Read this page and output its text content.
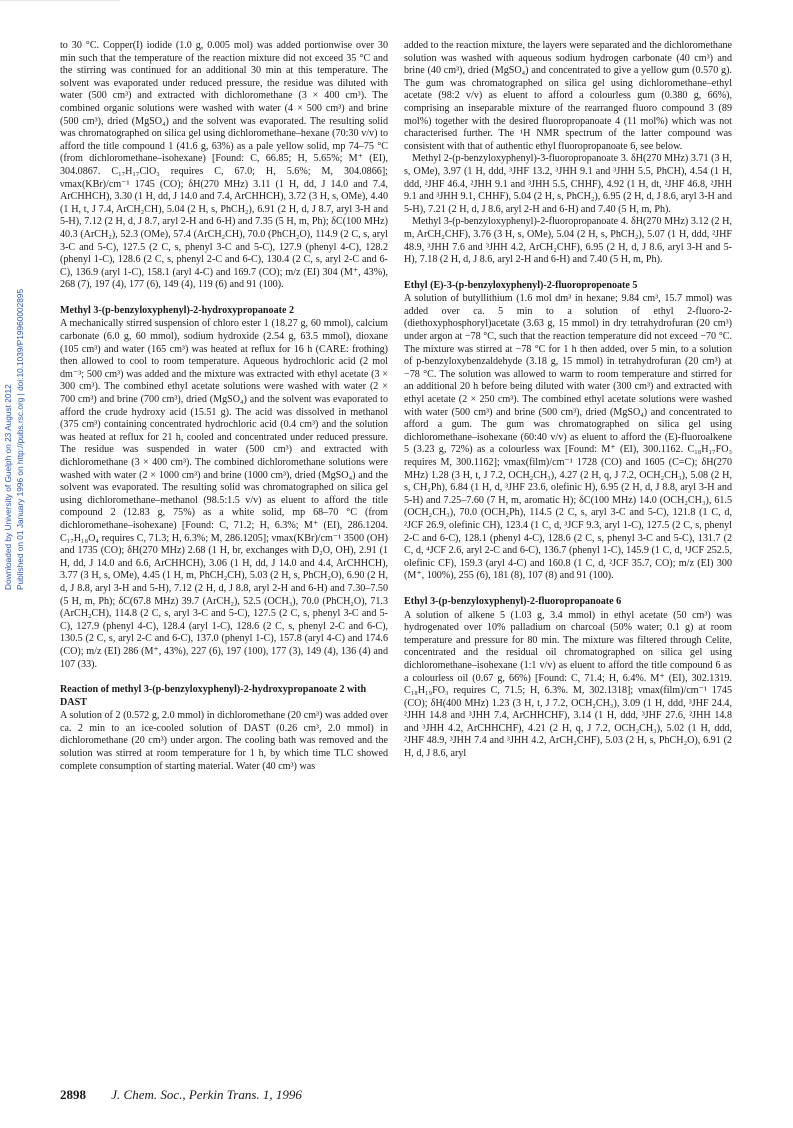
Downloaded by University of Guelph on 23 August 2012 Published on 01 January 1996 on http://pubs.rsc.org | doi:10.1039/P19960002895

to 30 °C. Copper(I) iodide (1.0 g, 0.005 mol) was added portionwise over 30 min such that the temperature of the reaction mixture did not exceed 35 °C and the stirring was continued for an additional 30 min at this temperature. The solvent was evaporated under reduced pressure, the residue was diluted with water (500 cm³) and extracted with dichloromethane (3 × 400 cm³). The combined organic solutions were washed with water (4 × 500 cm³) and brine (500 cm³), dried (MgSO₄) and the solvent was evaporated. The resulting solid was chromatographed on silica gel using dichloromethane–hexane (70:30 v/v) to afford the title compound 1 (41.6 g, 63%) as a pale yellow solid, mp 74–75 °C (from dichloromethane–isohexane) [Found: C, 66.85; H, 5.65%; M⁺ (EI), 304.0867. C₁₇H₁₇ClO₃ requires C, 67.0; H, 5.6%; M, 304.0866]; νmax(KBr)/cm⁻¹ 1745 (CO); δH(270 MHz) 3.11 (1 H, dd, J 14.0 and 7.4, ArCHHCH), 3.30 (1 H, dd, J 14.0 and 7.4, ArCHHCH), 3.72 (3 H, s, OMe), 4.40 (1 H, t, J 7.4, ArCH₂CH), 5.04 (2 H, s, PhCH₂), 6.91 (2 H, d, J 8.7, aryl 3-H and 5-H), 7.12 (2 H, d, J 8.7, aryl 2-H and 6-H) and 7.35 (5 H, m, Ph); δC(100 MHz) 40.3 (ArCH₂), 52.3 (OMe), 57.4 (ArCH₂CH), 70.0 (PhCH₂O), 114.9 (2 C, s, aryl 3-C and 5-C), 127.5 (2 C, s, phenyl 3-C and 5-C), 127.9 (phenyl 4-C), 128.2 (phenyl 1-C), 128.6 (2 C, s, phenyl 2-C and 6-C), 130.4 (2 C, s, aryl 2-C and 6-C), 136.9 (aryl 1-C), 158.1 (aryl 4-C) and 169.7 (CO); m/z (EI) 304 (M⁺, 43%), 268 (7), 197 (4), 177 (6), 149 (4), 119 (6) and 91 (100).

Methyl 3-(p-benzyloxyphenyl)-2-hydroxypropanoate 2

A mechanically stirred suspension of chloro ester 1 (18.27 g, 60 mmol), calcium carbonate (6.0 g, 60 mmol), sodium hydroxide (2.54 g, 63.5 mmol), dioxane (105 cm³) and water (165 cm³) was heated at reflux for 16 h (CARE: frothing) then allowed to cool to room temperature. Aqueous hydrochloric acid (2 mol dm⁻³; 500 cm³) was added and the mixture was extracted with ethyl acetate (3 × 300 cm³). The combined ethyl acetate solutions were washed with water (2 × 700 cm³) and brine (700 cm³), dried (MgSO₄) and the solvent was evaporated to afford the crude hydroxy acid (15.51 g). The acid was dissolved in methanol (375 cm³) containing concentrated hydrochloric acid (0.4 cm³) and the solution was heated at reflux for 21 h, cooled and concentrated under reduced pressure. The residue was suspended in water (500 cm³) and extracted with dichloromethane (3 × 400 cm³). The combined dichloromethane solutions were washed with water (2 × 1000 cm³) and brine (1000 cm³), dried (MgSO₄) and the solvent was evaporated. The resulting solid was chromatographed on silica gel using dichloromethane–methanol (98.5:1.5 v/v) as eluent to afford the title compound 2 (12.83 g, 75%) as a white solid, mp 68–70 °C (from dichloromethane–isohexane) [Found: C, 71.2; H, 6.3%; M⁺ (EI), 286.1204. C₁₇H₁₈O₄ requires C, 71.3; H, 6.3%; M, 286.1205]; νmax(KBr)/cm⁻¹ 3500 (OH) and 1735 (CO); δH(270 MHz) 2.68 (1 H, br, exchanges with D₂O, OH), 2.91 (1 H, dd, J 14.0 and 6.6, ArCHHCH), 3.06 (1 H, dd, J 14.0 and 4.4, ArCHHCH), 3.77 (3 H, s, OMe), 4.45 (1 H, m, PhCH₂CH), 5.03 (2 H, s, PhCH₂O), 6.90 (2 H, d, J 8.8, aryl 3-H and 5-H), 7.12 (2 H, d, J 8.8, aryl 2-H and 6-H) and 7.30–7.50 (5 H, m, Ph); δC(67.8 MHz) 39.7 (ArCH₂), 52.5 (OCH₃), 70.0 (PhCH₂O), 71.3 (ArCH₂CH), 114.8 (2 C, s, aryl 3-C and 5-C), 127.5 (2 C, s, phenyl 3-C and 5-C), 127.9 (phenyl 4-C), 128.4 (aryl 1-C), 128.6 (2 C, s, phenyl 2-C and 6-C), 130.5 (2 C, s, aryl 2-C and 6-C), 137.0 (phenyl 1-C), 157.8 (aryl 4-C) and 174.6 (CO); m/z (EI) 286 (M⁺, 43%), 227 (6), 197 (100), 177 (3), 149 (4), 136 (4) and 107 (33).

Reaction of methyl 3-(p-benzyloxyphenyl)-2-hydroxypropanoate 2 with DAST

A solution of 2 (0.572 g, 2.0 mmol) in dichloromethane (20 cm³) was added over ca. 2 min to an ice-cooled solution of DAST (0.26 cm³, 2.0 mmol) in dichloromethane (20 cm³) under argon. The cooling bath was removed and the solution was stirred at room temperature for 1 h, by which time TLC showed complete consumption of starting material. Water (40 cm³) was

added to the reaction mixture, the layers were separated and the dichloromethane solution was washed with aqueous sodium hydrogen carbonate (40 cm³) and brine (40 cm³), dried (MgSO₄) and concentrated to give a yellow gum (0.570 g). The gum was chromatographed on silica gel using dichloromethane–ethyl acetate (98:2 v/v) as eluent to afford a colourless gum (0.380 g, 66%), comprising an inseparable mixture of the rearranged fluoro compound 3 (89 mol%) together with the desired fluoropropanoate 4 (11 mol%) which was not characterised further. The ¹H NMR spectrum of the latter compound was consistent with that of authentic ethyl fluoropropanoate 6, see below.

Methyl 2-(p-benzyloxyphenyl)-3-fluoropropanoate 3. δH(270 MHz) 3.71 (3 H, s, OMe), 3.97 (1 H, ddd, ³JHF 13.2, ³JHH 9.1 and ³JHH 5.5, PhCH), 4.54 (1 H, ddd, ²JHF 46.4, ²JHH 9.1 and ³JHH 5.5, CHHF), 4.92 (1 H, dt, ²JHF 46.8, ²JHH 9.1 and ³JHH 9.1, CHHF), 5.04 (2 H, s, PhCH₂), 6.95 (2 H, d, J 8.6, aryl 3-H and 5-H), 7.21 (2 H, d, J 8.6, aryl 2-H and 6-H) and 7.40 (5 H, m, Ph).

Methyl 3-(p-benzyloxyphenyl)-2-fluoropropanoate 4. δH(270 MHz) 3.12 (2 H, m, ArCH₂CHF), 3.76 (3 H, s, OMe), 5.04 (2 H, s, PhCH₂), 5.07 (1 H, ddd, ²JHF 48.9, ³JHH 7.6 and ³JHH 4.2, ArCH₂CHF), 6.95 (2 H, d, J 8.6, aryl 3-H and 5-H), 7.18 (2 H, d, J 8.6, aryl 2-H and 6-H) and 7.40 (5 H, m, Ph).

Ethyl (E)-3-(p-benzyloxyphenyl)-2-fluoropropenoate 5

A solution of butyllithium (1.6 mol dm³ in hexane; 9.84 cm³, 15.7 mmol) was added over ca. 5 min to a solution of ethyl 2-fluoro-2-(diethoxyphosphoryl)acetate (3.63 g, 15 mmol) in dry tetrahydrofuran (20 cm³) under argon at −78 °C, such that the reaction temperature did not exceed −70 °C. The mixture was stirred at −78 °C for 1 h then added, over 5 min, to a solution of p-benzyloxybenzaldehyde (3.18 g, 15 mmol) in tetrahydrofuran (20 cm³) at −78 °C. The solution was allowed to warm to room temperature and stirred for an additional 20 h before being diluted with water (300 cm³) and extracted with ethyl acetate (2 × 250 cm³). The combined ethyl acetate solutions were washed with water (500 cm³) and brine (500 cm³), dried (MgSO₄) and concentrated to afford a gum. The gum was chromatographed on silica gel using dichloromethane–isohexane (60:40 v/v) as eluent to afford the (E)-fluoroalkene 5 (3.23 g, 72%) as a colourless wax [Found: M⁺ (EI), 300.1162. C₁₈H₁₇FO₃ requires M, 300.1162]; νmax(film)/cm⁻¹ 1728 (CO) and 1605 (C=C); δH(270 MHz) 1.28 (3 H, t, J 7.2, OCH₂CH₃), 4.27 (2 H, q, J 7.2, OCH₂CH₃), 5.08 (2 H, s, CH₂Ph), 6.84 (1 H, d, ³JHF 23.6, olefinic H), 6.95 (2 H, d, J 8.8, aryl 3-H and 5-H) and 7.25–7.60 (7 H, m, aromatic H); δC(100 MHz) 14.0 (OCH₂CH₃), 61.5 (OCH₂CH₃), 70.0 (OCH₂Ph), 114.5 (2 C, s, aryl 3-C and 5-C), 121.8 (1 C, d, ²JCF 26.9, olefinic CH), 123.4 (1 C, d, ³JCF 9.3, aryl 1-C), 127.5 (2 C, s, phenyl 2-C and 6-C), 128.1 (phenyl 4-C), 128.6 (2 C, s, phenyl 3-C and 5-C), 131.7 (2 C, d, ⁴JCF 2.6, aryl 2-C and 6-C), 136.7 (phenyl 1-C), 145.9 (1 C, d, ¹JCF 252.5, olefinic CF), 159.3 (aryl 4-C) and 160.8 (1 C, d, ²JCF 35.7, CO); m/z (EI) 300 (M⁺, 100%), 255 (6), 181 (8), 107 (8) and 91 (100).

Ethyl 3-(p-benzyloxyphenyl)-2-fluoropropanoate 6

A solution of alkene 5 (1.03 g, 3.4 mmol) in ethyl acetate (50 cm³) was hydrogenated over 10% palladium on charcoal (50% water; 0.1 g) at room temperature and pressure for 80 min. The mixture was filtered through Celite, concentrated and the residual oil chromatographed on silica gel using dichloromethane–isohexane (1:1 v/v) as eluent to afford the title compound 6 as a colourless oil (0.67 g, 66%) [Found: C, 71.4; H, 6.4%. M⁺ (EI), 302.1319. C₁₈H₁₉FO₃ requires C, 71.5; H, 6.3%. M, 302.1318]; νmax(film)/cm⁻¹ 1745 (CO); δH(400 MHz) 1.23 (3 H, t, J 7.2, OCH₂CH₃), 3.09 (1 H, ddd, ³JHF 24.4, ²JHH 14.8 and ³JHH 7.4, ArCHHCHF), 3.14 (1 H, ddd, ³JHF 27.6, ²JHH 14.8 and ³JHH 4.2, ArCHHCHF), 4.21 (2 H, q, J 7.2, OCH₂CH₃), 5.02 (1 H, ddd, ²JHF 48.9, ³JHH 7.4 and ³JHH 4.2, ArCH₂CHF), 5.03 (2 H, s, PhCH₂O), 6.91 (2 H, d, J 8.6, aryl

2898 J. Chem. Soc., Perkin Trans. 1, 1996
